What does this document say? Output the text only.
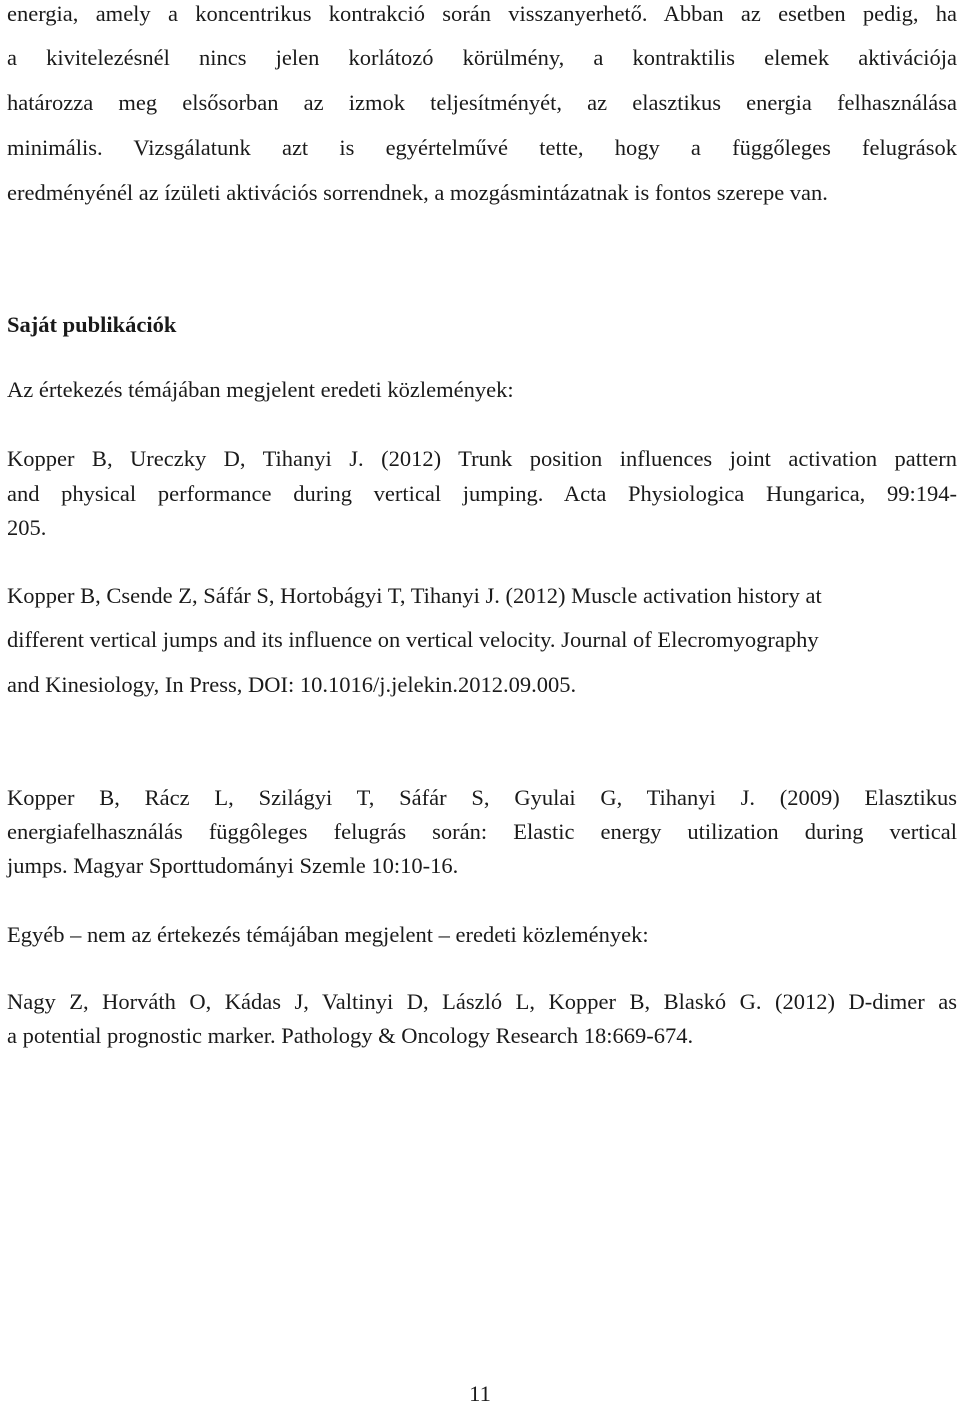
energia, amely a koncentrikus kontrakció során visszanyerhető. Abban az esetben pedig, ha
a kivitelezésnél nincs jelen korlátozó körülmény, a kontraktilis elemek aktivációja
határozza meg elsősorban az izmok teljesítményét, az elasztikus energia felhasználása
minimális. Vizsgálatunk azt is egyértelművé tette, hogy a függőleges felugrások
eredményénél az ízületi aktivációs sorrendnek, a mozgásmintázatnak is fontos szerepe van.
Saját publikációk
Az értekezés témájában megjelent eredeti közlemények:
Kopper B, Ureczky D, Tihanyi J. (2012) Trunk position influences joint activation pattern
and physical performance during vertical jumping. Acta Physiologica Hungarica, 99:194-
205.
Kopper B, Csende Z, Sáfár S, Hortobágyi T, Tihanyi J. (2012) Muscle activation history at
different vertical jumps and its influence on vertical velocity. Journal of Elecromyography
and Kinesiology, In Press, DOI: 10.1016/j.jelekin.2012.09.005.
Kopper B, Rácz L, Szilágyi T, Sáfár S, Gyulai G, Tihanyi J. (2009) Elasztikus
energiafelhasználás függôleges felugrás során: Elastic energy utilization during vertical
jumps. Magyar Sporttudományi Szemle 10:10-16.
Egyéb – nem az értekezés témájában megjelent – eredeti közlemények:
Nagy Z, Horváth O, Kádas J, Valtinyi D, László L, Kopper B, Blaskó G. (2012) D-dimer as
a potential prognostic marker. Pathology & Oncology Research 18:669-674.
11
